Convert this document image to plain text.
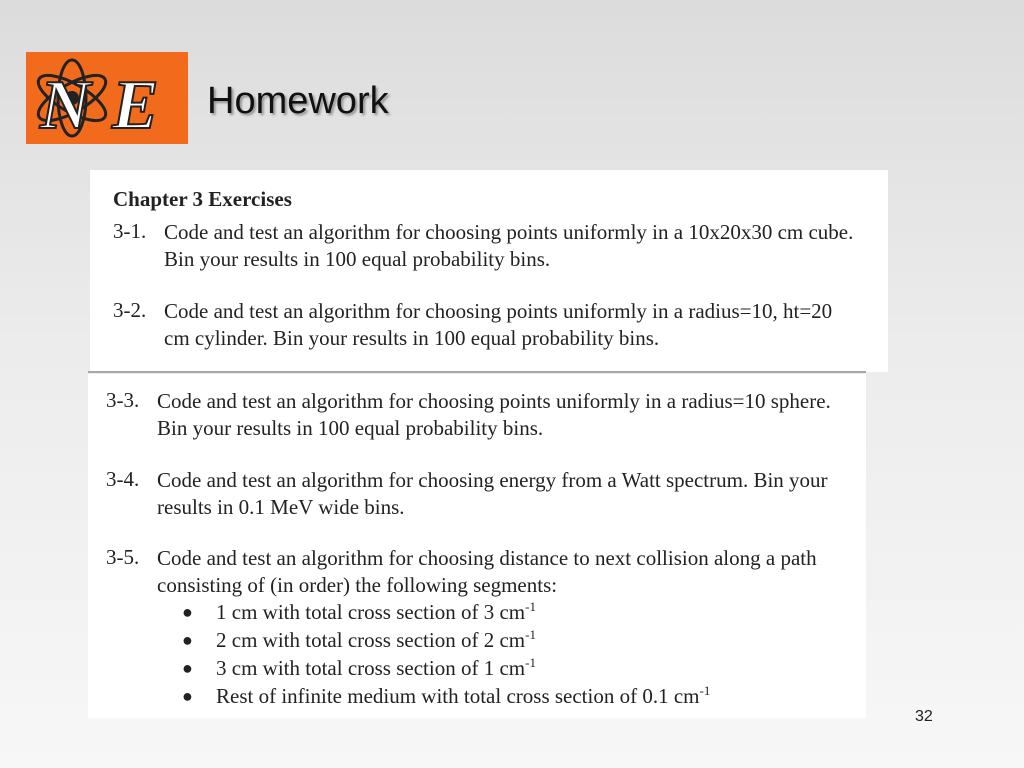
N E Homework
Chapter 3 Exercises
3-1. Code and test an algorithm for choosing points uniformly in a 10x20x30 cm cube. Bin your results in 100 equal probability bins.
3-2. Code and test an algorithm for choosing points uniformly in a radius=10, ht=20 cm cylinder. Bin your results in 100 equal probability bins.
3-3. Code and test an algorithm for choosing points uniformly in a radius=10 sphere. Bin your results in 100 equal probability bins.
3-4. Code and test an algorithm for choosing energy from a Watt spectrum. Bin your results in 0.1 MeV wide bins.
3-5. Code and test an algorithm for choosing distance to next collision along a path consisting of (in order) the following segments:
● 1 cm with total cross section of 3 $cm^{-1}$
● 2 cm with total cross section of 2 $cm^{-1}$
● 3 cm with total cross section of 1 $cm^{-1}$
● Rest of infinite medium with total cross section of 0.1 $cm^{-1}$
32
